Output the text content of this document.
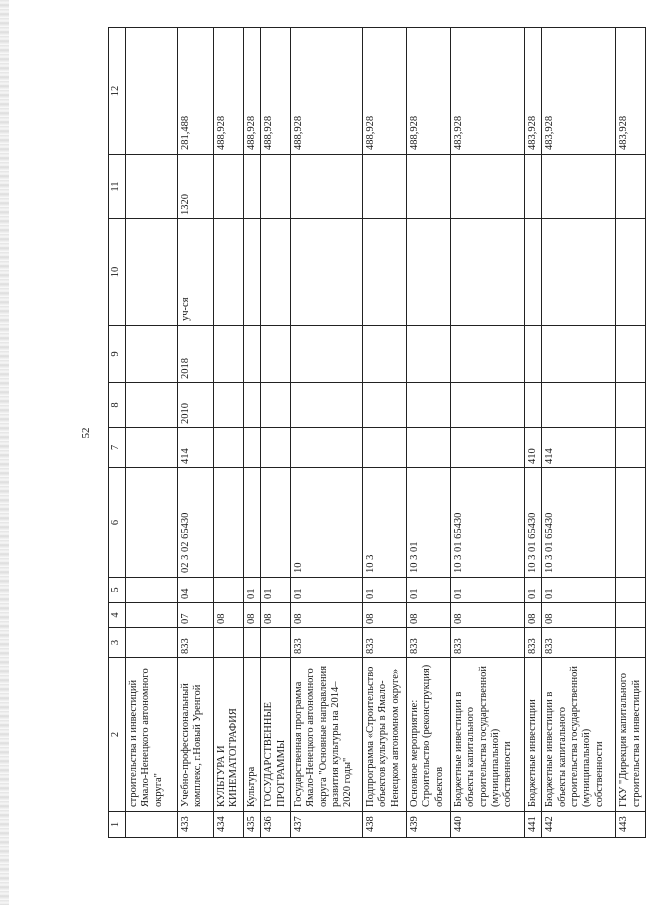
52
1	2	3	4	5	6	7	8	9	10	11	12
	строительства и инвестиций Ямало-Ненецкого автономного округа"										
433	Учебно-профессиональный комплекс, г.Новый Уренгой	833	07	04	02 3 02 65430	414	2010	2018	уч-ся	1320	281,488
434	КУЛЬТУРА И КИНЕМАТОГРАФИЯ		08								488,928
435	Культура		08	01							488,928
436	ГОСУДАРСТВЕННЫЕ ПРОГРАММЫ		08	01							488,928
437	Государственная программа Ямало-Ненецкого автономного округа "Основные направления развития культуры на 2014–2020 годы"	833	08	01	10						488,928
438	Подпрограмма «Строительство объектов культуры в Ямало-Ненецком автономном округе»	833	08	01	10 3						488,928
439	Основное мероприятие: Строительство (реконструкция) объектов	833	08	01	10 3 01						488,928
440	Бюджетные инвестиции в объекты капитального строительства государственной (муниципальной) собственности	833	08	01	10 3 01 65430						483,928
441	Бюджетные инвестиции	833	08	01	10 3 01 65430	410					483,928
442	Бюджетные инвестиции в объекты капитального строительства государственной (муниципальной) собственности	833	08	01	10 3 01 65430	414					483,928
443	ГКУ "Дирекция капитального строительства и инвестиций										483,928
